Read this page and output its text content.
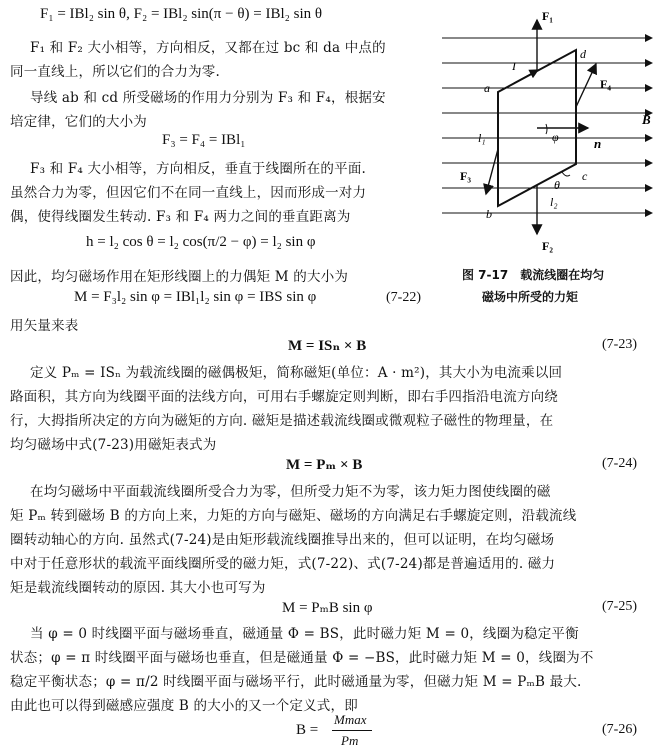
F₁ = IBl₂ sin θ, F₂ = IBl₂ sin(π − θ) = IBl₂ sin θ
F₁ 和 F₂ 大小相等，方向相反，又都在过 bc 和 da 中点的
同一直线上，所以它们的合力为零.
导线 ab 和 cd 所受磁场的作用力分别为 F₃ 和 F₄，根据安
培定律，它们的大小为
F₃ = F₄ = IBl₁
F₃ 和 F₄ 大小相等，方向相反，垂直于线圈所在的平面.
虽然合力为零，但因它们不在同一直线上，因而形成一对力
偶，使得线圈发生转动. F₃ 和 F₄ 两力之间的垂直距离为
h = l₂ cos θ = l₂ cos(π/2 − φ) = l₂ sin φ
因此，均匀磁场作用在矩形线圈上的力偶矩 M 的大小为
M = F₃l₂ sin φ = IBl₁l₂ sin φ = IBS sin φ	(7-22)
用矢量来表
F₁
F₂
F₃
F₄
B
n
I
a
b
c
d
l₁
l₂
φ
θ
图 7-17　载流线圈在均匀
磁场中所受的力矩
M = ISₙ × B	(7-23)
定义 Pₘ = ISₙ 为载流线圈的磁偶极矩，简称磁矩(单位：A · m²)，其大小为电流乘以回
路面积，其方向为线圈平面的法线方向，可用右手螺旋定则判断，即右手四指沿电流方向绕
行，大拇指所决定的方向为磁矩的方向. 磁矩是描述载流线圈或微观粒子磁性的物理量，在
均匀磁场中式(7-23)用磁矩表式为
M = Pₘ × B	(7-24)
在均匀磁场中平面载流线圈所受合力为零，但所受力矩不为零，该力矩力图使线圈的磁
矩 Pₘ 转到磁场 B 的方向上来，力矩的方向与磁矩、磁场的方向满足右手螺旋定则，沿载流线
圈转动轴心的方向. 虽然式(7-24)是由矩形载流线圈推导出来的，但可以证明，在均匀磁场
中对于任意形状的载流平面线圈所受的磁力矩，式(7-22)、式(7-24)都是普遍适用的. 磁力
矩是载流线圈转动的原因. 其大小也可写为
M = PₘB sin φ	(7-25)
当 φ = 0 时线圈平面与磁场垂直，磁通量 Φ = BS，此时磁力矩 M = 0，线圈为稳定平衡
状态；φ = π 时线圈平面与磁场也垂直，但是磁通量 Φ = −BS，此时磁力矩 M = 0，线圈为不
稳定平衡状态；φ = π/2 时线圈平面与磁场平行，此时磁通量为零，但磁力矩 M = PₘB 最大.
由此也可以得到磁感应强度 B 的大小的又一个定义式，即
B =
Mmax
Pm
(7-26)
